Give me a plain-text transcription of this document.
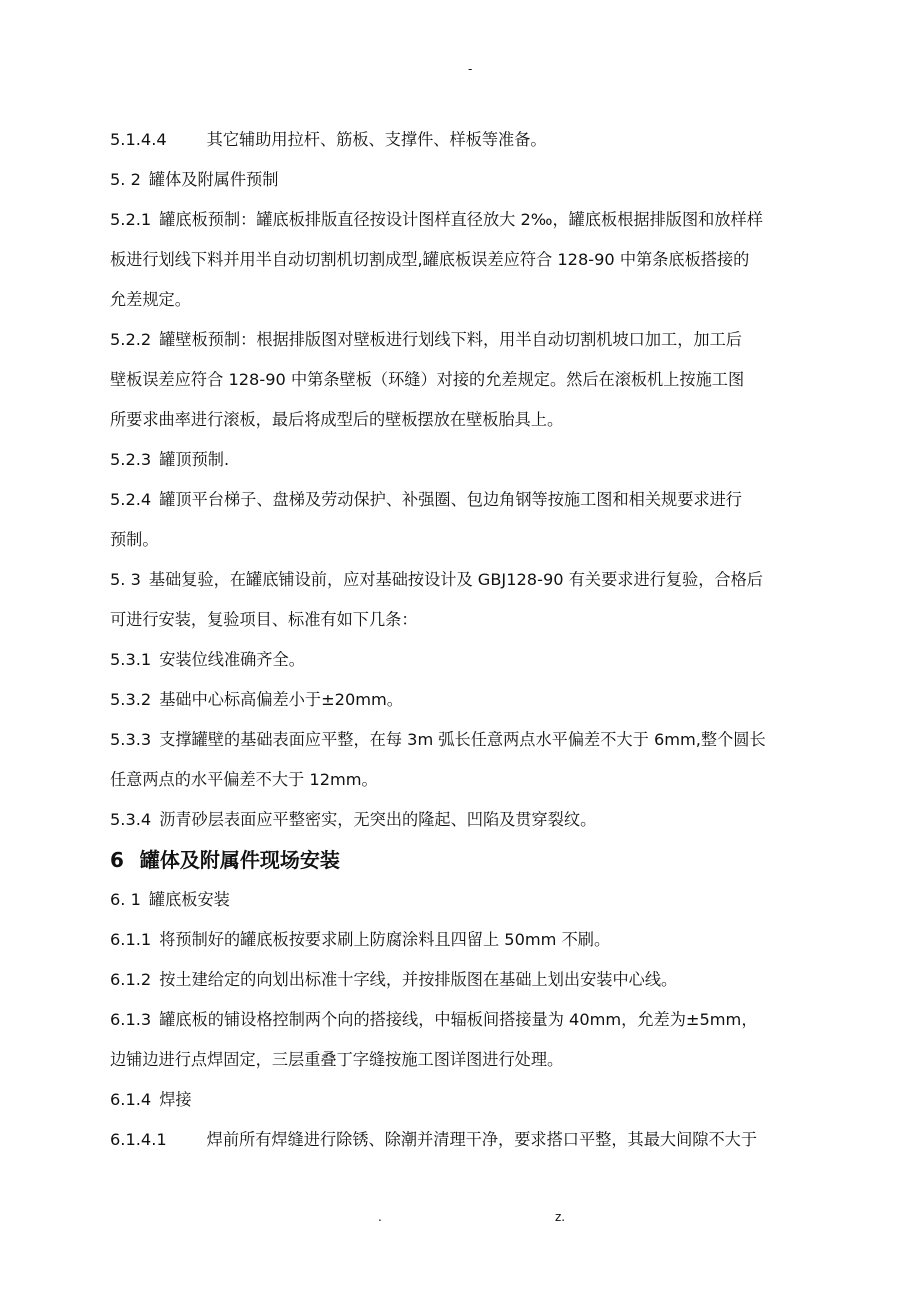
-
5.1.4.4 其它辅助用拉杆、筋板、支撑件、样板等准备。
5. 2 罐体及附属件预制
5.2.1 罐底板预制：罐底板排版直径按设计图样直径放大 2‰，罐底板根据排版图和放样样
板进行划线下料并用半自动切割机切割成型,罐底板误差应符合 128-90 中第条底板搭接的
允差规定。
5.2.2 罐壁板预制：根据排版图对壁板进行划线下料，用半自动切割机坡口加工，加工后
壁板误差应符合 128-90 中第条壁板（环缝）对接的允差规定。然后在滚板机上按施工图
所要求曲率进行滚板，最后将成型后的壁板摆放在壁板胎具上。
5.2.3 罐顶预制.
5.2.4 罐顶平台梯子、盘梯及劳动保护、补强圈、包边角钢等按施工图和相关规要求进行
预制。
5. 3 基础复验，在罐底铺设前，应对基础按设计及 GBJ128-90 有关要求进行复验，合格后
可进行安装，复验项目、标准有如下几条：
5.3.1 安装位线准确齐全。
5.3.2 基础中心标高偏差小于±20mm。
5.3.3 支撑罐壁的基础表面应平整，在每 3m 弧长任意两点水平偏差不大于 6mm,整个圆长
任意两点的水平偏差不大于 12mm。
5.3.4 沥青砂层表面应平整密实，无突出的隆起、凹陷及贯穿裂纹。
6 罐体及附属件现场安装
6. 1 罐底板安装
6.1.1 将预制好的罐底板按要求刷上防腐涂料且四留上 50mm 不刷。
6.1.2 按土建给定的向划出标准十字线，并按排版图在基础上划出安装中心线。
6.1.3 罐底板的铺设格控制两个向的搭接线，中辐板间搭接量为 40mm，允差为±5mm，
边铺边进行点焊固定，三层重叠丁字缝按施工图详图进行处理。
6.1.4 焊接
6.1.4.1 焊前所有焊缝进行除锈、除潮并清理干净，要求搭口平整，其最大间隙不大于
.	z.
